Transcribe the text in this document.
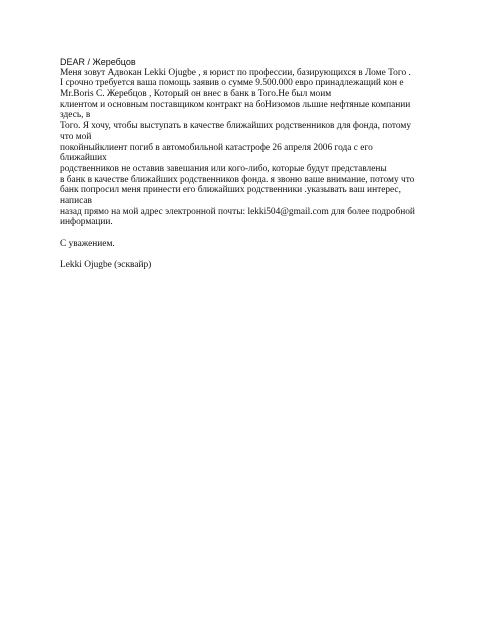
DEAR / Жеребцов
Меня зовут Адвокан Lekki Ojugbe , я юрист по профессии, базирующихся в Ломе Того .
I срочно требуется ваша помощь заявив о сумме 9.500.000 евро принадлежащий кон е
Mr.Boris С. Жеребцов , Который он внес в банк в Того.Не был моим
клиентом и основным поставщиком контракт на боНизомов льшие нефтяные компании
здесь, в
Того. Я хочу, чтобы выступать в качестве ближайших родственников для фонда, потому
что мой
покойныйклиент погиб в автомобильной катастрофе 26 апреля 2006 года с его
ближайших
родственников не оставив завешания или кого-либо, которые будут представлены
в банк в качестве ближайших родственников фонда. я звоню ваше внимание, потому что
банк попросил меня принести его ближайших родственники .указывать ваш интерес,
написав
назад прямо на мой адрес электронной почты: lekki504@gmail.com для более подробной
информации.
С уважением.
Lekki Ojugbe (эсквайр)
